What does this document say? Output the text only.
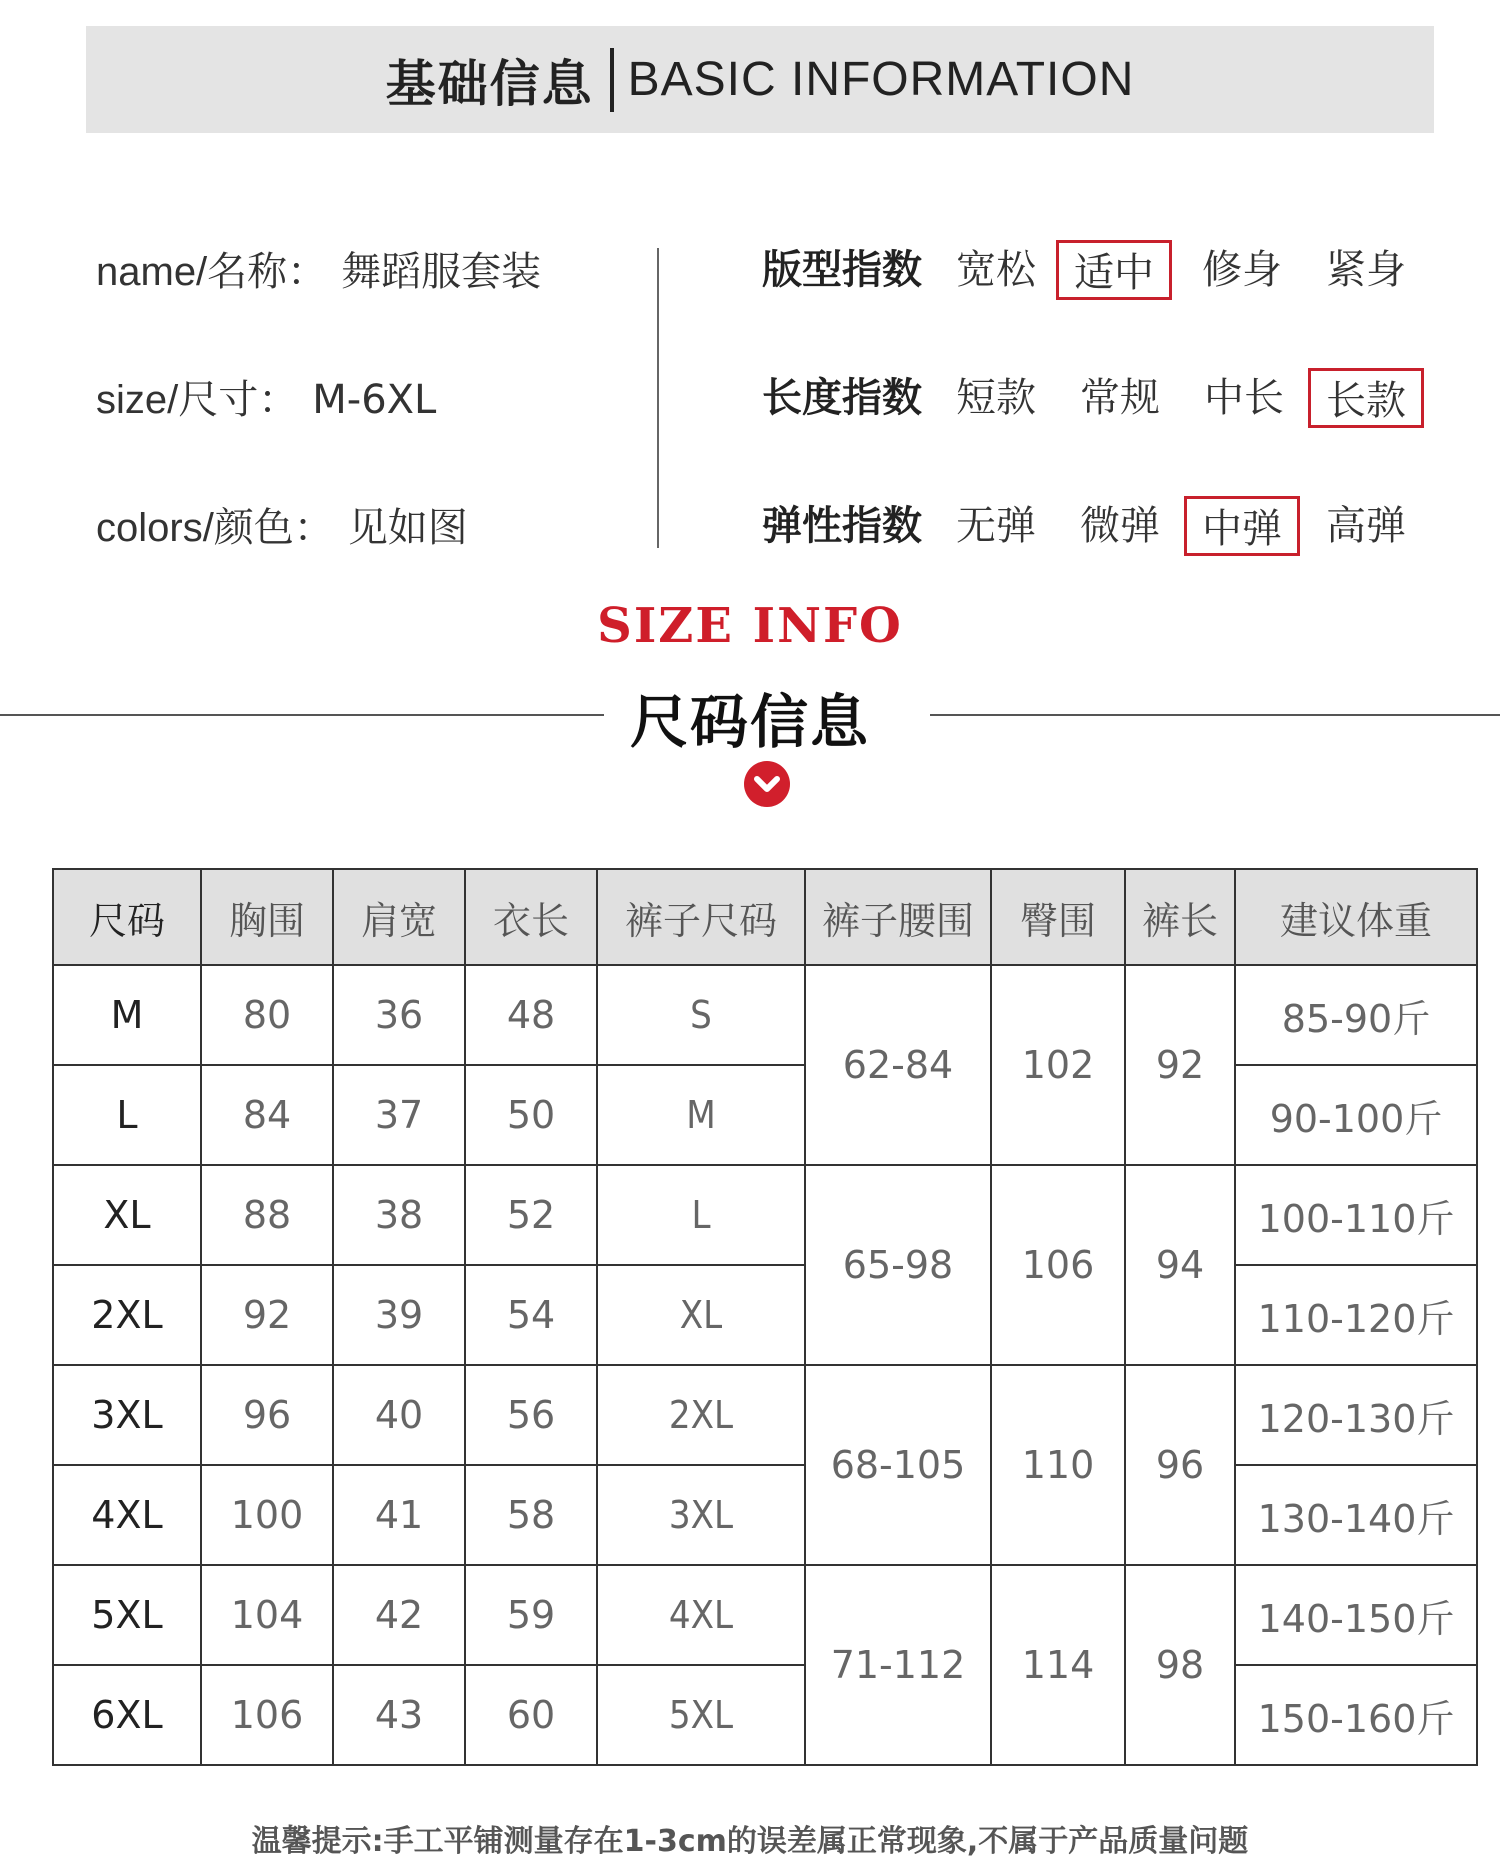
基础信息 BASIC INFORMATION
name/名称： 舞蹈服套装
size/尺寸： M-6XL
colors/颜色： 见如图
版型指数 宽松 适中	修身 紧身
长度指数 短款 常规 中长	长款
弹性指数 无弹 微弹	中弹	高弹
SIZE INFO
尺码信息
尺码	胸围	肩宽	衣长	裤子尺码	裤子腰围	臀围	裤长	建议体重
M	80	36	48	S	62-84	102	92	85-90斤
L	84	37	50	M				90-100斤
XL	88	38	52	L	65-98	106	94	100-110斤
2XL	92	39	54	XL				110-120斤
3XL	96	40	56	2XL	68-105	110	96	120-130斤
4XL	100	41	58	3XL				130-140斤
5XL	104	42	59	4XL	71-112	114	98	140-150斤
6XL	106	43	60	5XL				150-160斤
温馨提示:手工平铺测量存在1-3cm的误差属正常现象,不属于产品质量问题
